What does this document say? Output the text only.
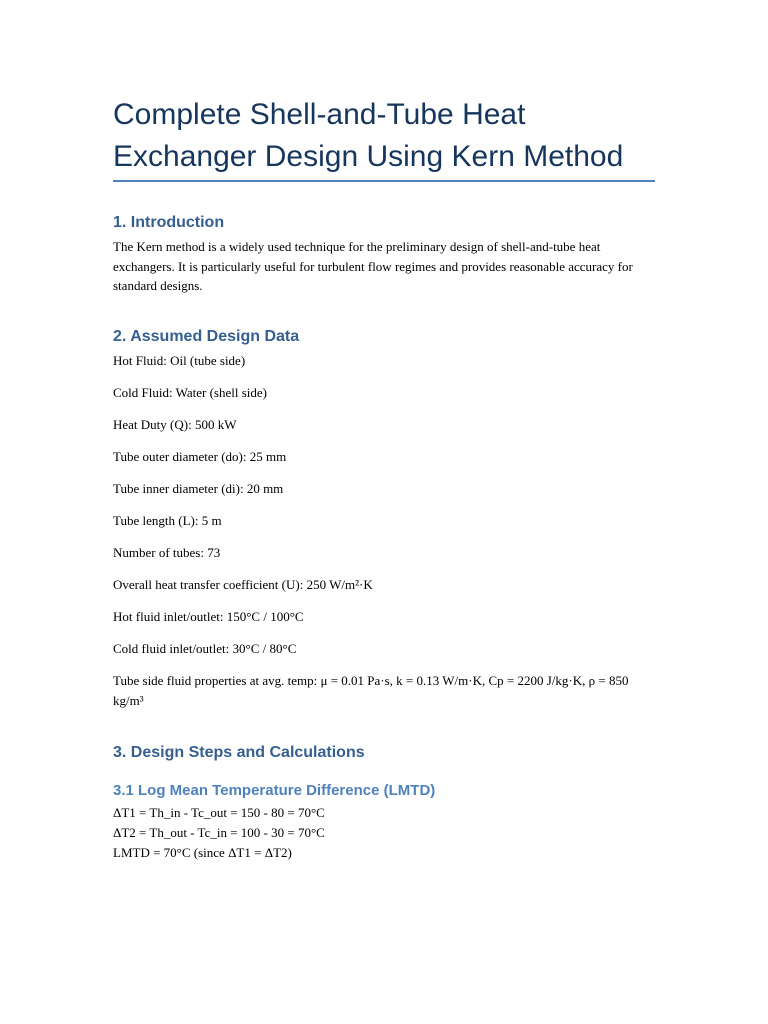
Complete Shell-and-Tube Heat Exchanger Design Using Kern Method
1. Introduction

The Kern method is a widely used technique for the preliminary design of shell-and-tube heat exchangers. It is particularly useful for turbulent flow regimes and provides reasonable accuracy for standard designs.

2. Assumed Design Data

Hot Fluid: Oil (tube side)

Cold Fluid: Water (shell side)

Heat Duty (Q): 500 kW

Tube outer diameter (do): 25 mm

Tube inner diameter (di): 20 mm

Tube length (L): 5 m

Number of tubes: 73

Overall heat transfer coefficient (U): 250 W/m²·K

Hot fluid inlet/outlet: 150°C / 100°C

Cold fluid inlet/outlet: 30°C / 80°C

Tube side fluid properties at avg. temp: μ = 0.01 Pa·s, k = 0.13 W/m·K, Cp = 2200 J/kg·K, ρ = 850 kg/m³

3. Design Steps and Calculations
3.1 Log Mean Temperature Difference (LMTD)

ΔT1 = Th_in - Tc_out = 150 - 80 = 70°C

ΔT2 = Th_out - Tc_in = 100 - 30 = 70°C

LMTD = 70°C (since ΔT1 = ΔT2)
